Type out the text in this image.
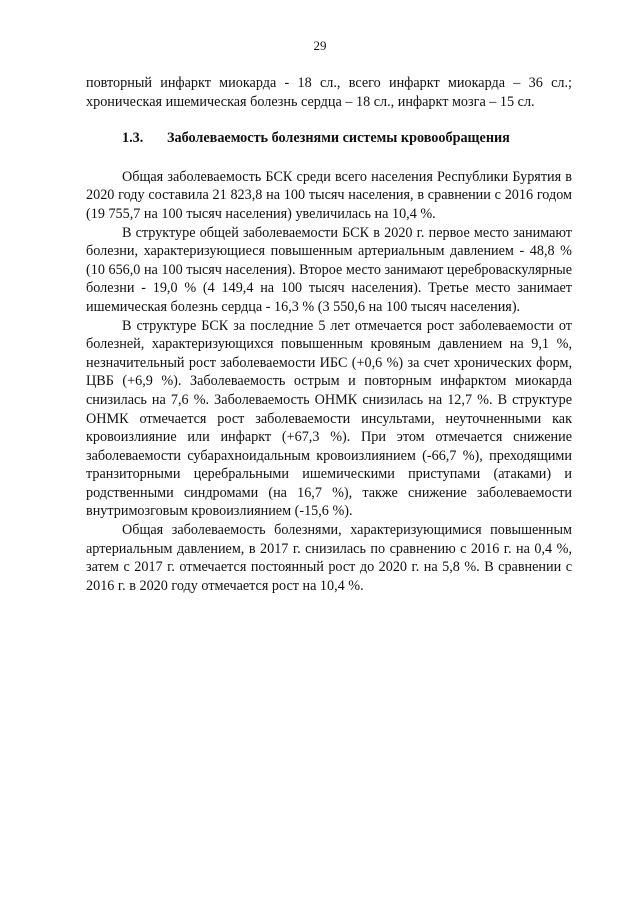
29

повторный инфаркт миокарда - 18 сл., всего инфаркт миокарда – 36 сл.; хроническая ишемическая болезнь сердца – 18 сл., инфаркт мозга – 15 сл.

1.3. Заболеваемость болезнями системы кровообращения

Общая заболеваемость БСК среди всего населения Республики Бурятия в 2020 году составила 21 823,8 на 100 тысяч населения, в сравнении с 2016 годом (19 755,7 на 100 тысяч населения) увеличилась на 10,4 %.

В структуре общей заболеваемости БСК в 2020 г. первое место занимают болезни, характеризующиеся повышенным артериальным давлением - 48,8 % (10 656,0 на 100 тысяч населения). Второе место занимают цереброваскулярные болезни - 19,0 % (4 149,4 на 100 тысяч населения). Третье место занимает ишемическая болезнь сердца - 16,3 % (3 550,6 на 100 тысяч населения).

В структуре БСК за последние 5 лет отмечается рост заболеваемости от болезней, характеризующихся повышенным кровяным давлением на 9,1 %, незначительный рост заболеваемости ИБС (+0,6 %) за счет хронических форм, ЦВБ (+6,9 %). Заболеваемость острым и повторным инфарктом миокарда снизилась на 7,6 %. Заболеваемость ОНМК снизилась на 12,7 %. В структуре ОНМК отмечается рост заболеваемости инсультами, неуточненными как кровоизлияние или инфаркт (+67,3 %). При этом отмечается снижение заболеваемости субарахноидальным кровоизлиянием (-66,7 %), преходящими транзиторными церебральными ишемическими приступами (атаками) и родственными синдромами (на 16,7 %), также снижение заболеваемости внутримозговым кровоизлиянием (-15,6 %).

Общая заболеваемость болезнями, характеризующимися повышенным артериальным давлением, в 2017 г. снизилась по сравнению с 2016 г. на 0,4 %, затем с 2017 г. отмечается постоянный рост до 2020 г. на 5,8 %. В сравнении с 2016 г. в 2020 году отмечается рост на 10,4 %.
